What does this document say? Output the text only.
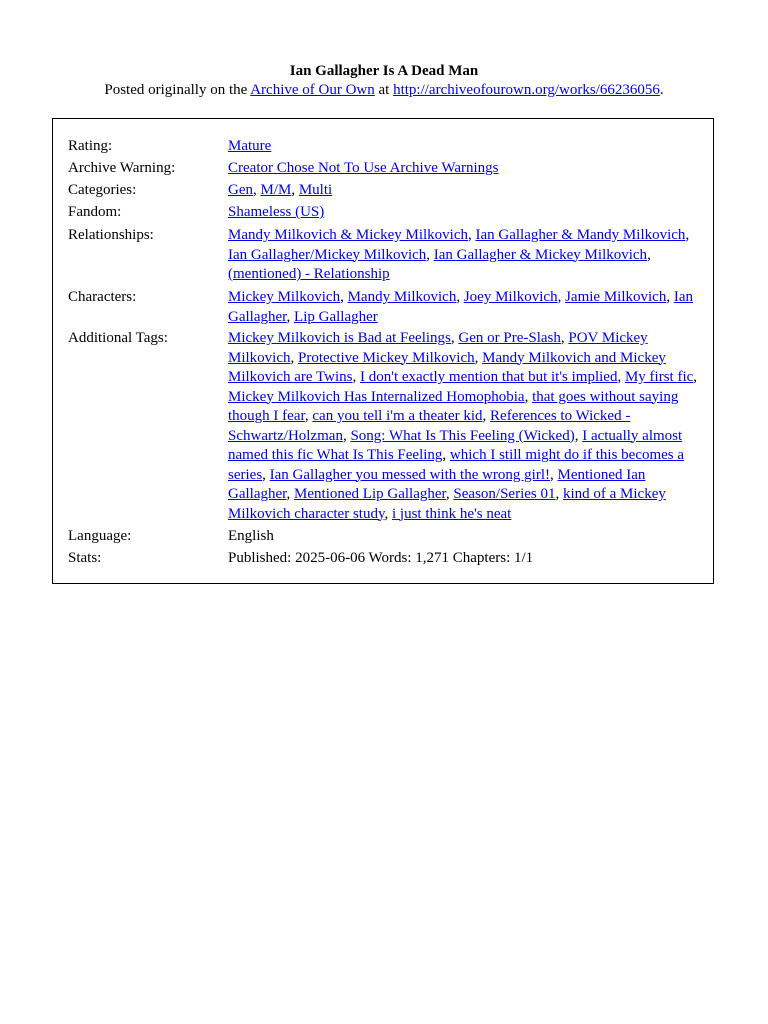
Ian Gallagher Is A Dead Man
Posted originally on the Archive of Our Own at http://archiveofourown.org/works/66236056.
Rating:	Mature
Archive Warning:	Creator Chose Not To Use Archive Warnings
Categories:	Gen, M/M, Multi
Fandom:	Shameless (US)
Relationships:	Mandy Milkovich & Mickey Milkovich, Ian Gallagher & Mandy Milkovich, Ian Gallagher/Mickey Milkovich, Ian Gallagher & Mickey Milkovich, (mentioned) - Relationship
Characters:	Mickey Milkovich, Mandy Milkovich, Joey Milkovich, Jamie Milkovich, Ian Gallagher, Lip Gallagher
Additional Tags:	Mickey Milkovich is Bad at Feelings, Gen or Pre-Slash, POV Mickey Milkovich, Protective Mickey Milkovich, Mandy Milkovich and Mickey Milkovich are Twins, I don't exactly mention that but it's implied, My first fic, Mickey Milkovich Has Internalized Homophobia, that goes without saying though I fear, can you tell i'm a theater kid, References to Wicked - Schwartz/Holzman, Song: What Is This Feeling (Wicked), I actually almost named this fic What Is This Feeling, which I still might do if this becomes a series, Ian Gallagher you messed with the wrong girl!, Mentioned Ian Gallagher, Mentioned Lip Gallagher, Season/Series 01, kind of a Mickey Milkovich character study, i just think he's neat
Language:	English
Stats:	Published: 2025-06-06 Words: 1,271 Chapters: 1/1
